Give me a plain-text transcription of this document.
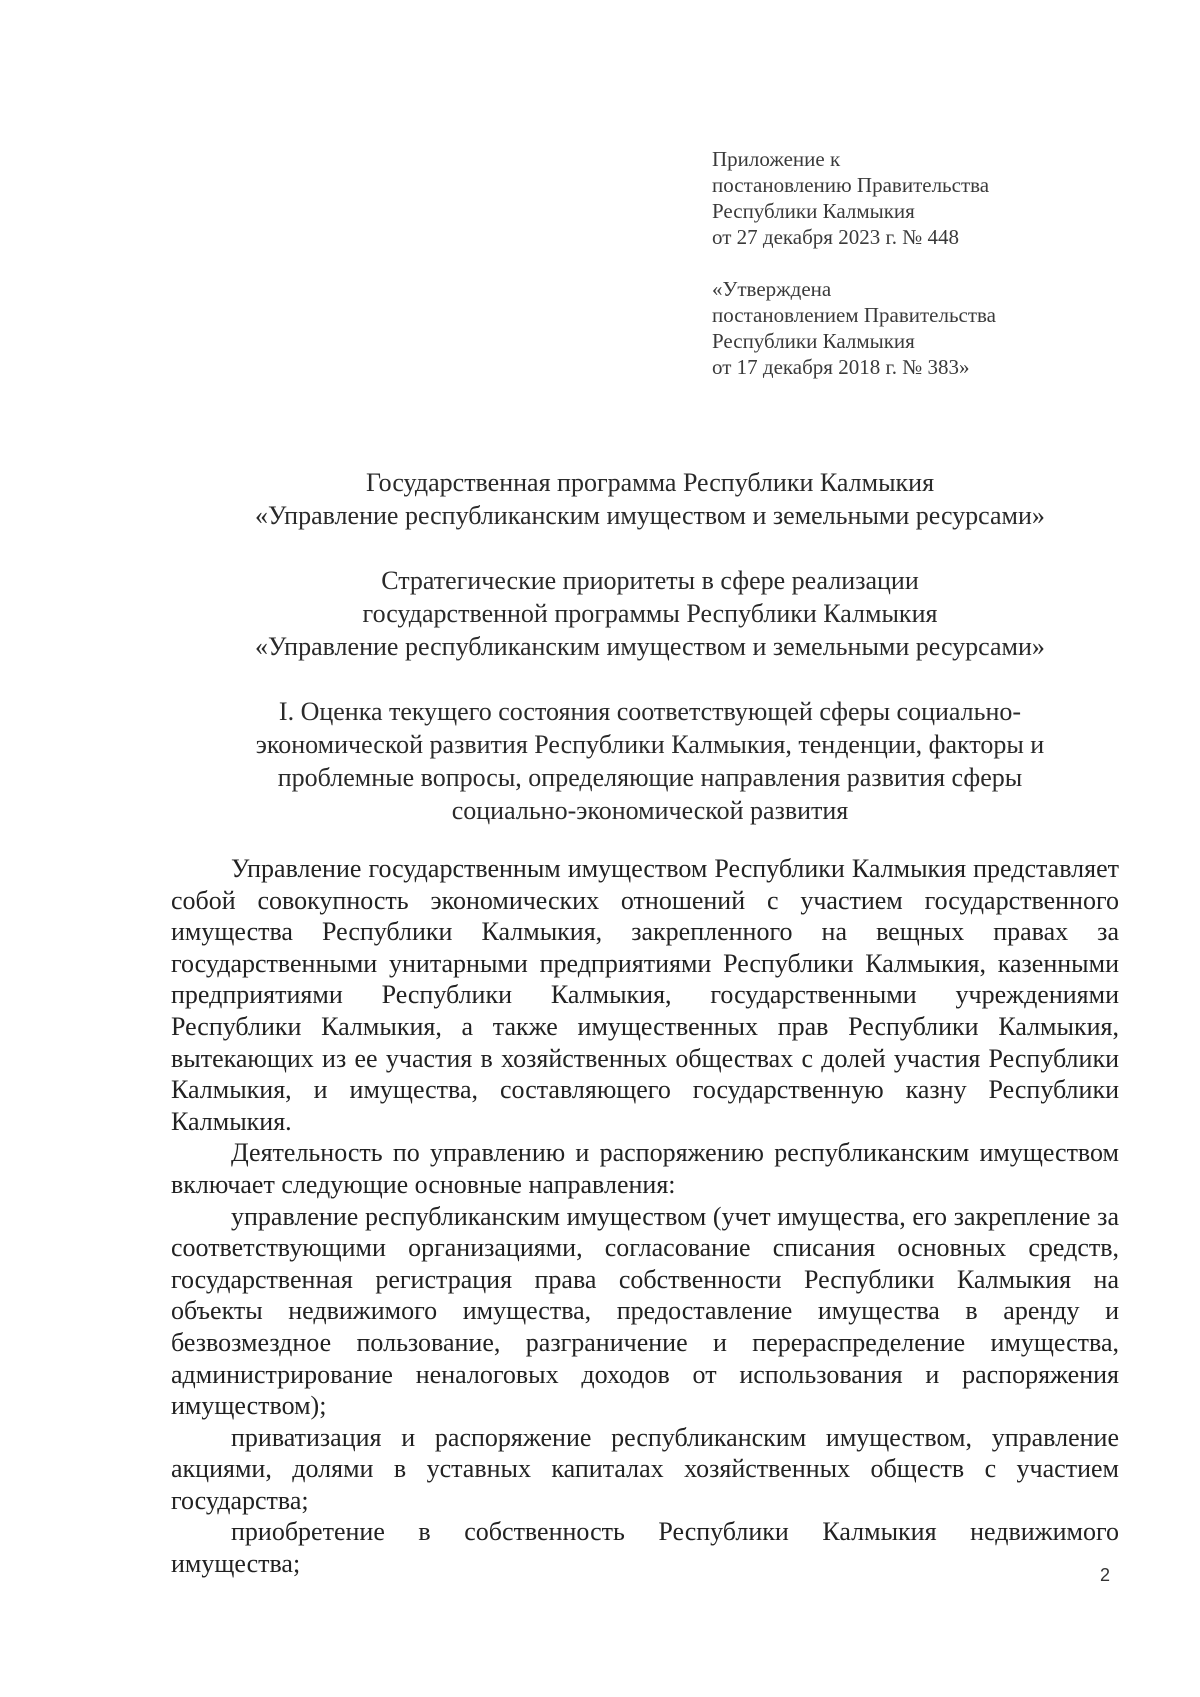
Приложение к

постановлению Правительства

Республики Калмыкия

от 27 декабря 2023 г. № 448

«Утверждена

постановлением Правительства

Республики Калмыкия

от 17 декабря 2018 г. № 383»

Государственная программа Республики Калмыкия

«Управление республиканским имуществом и земельными ресурсами»

Стратегические приоритеты в сфере реализации

государственной программы Республики Калмыкия

«Управление республиканским имуществом и земельными ресурсами»

I. Оценка текущего состояния соответствующей сферы социально-

экономической развития Республики Калмыкия, тенденции, факторы и

проблемные вопросы, определяющие направления развития сферы

социально-экономической развития

Управление государственным имуществом Республики Калмыкия представляет собой совокупность экономических отношений с участием государственного имущества Республики Калмыкия, закрепленного на вещных правах за государственными унитарными предприятиями Республики Калмыкия, казенными предприятиями Республики Калмыкия, государственными учреждениями Республики Калмыкия, а также имущественных прав Республики Калмыкия, вытекающих из ее участия в хозяйственных обществах с долей участия Республики Калмыкия, и имущества, составляющего государственную казну Республики Калмыкия.

Деятельность по управлению и распоряжению республиканским имуществом включает следующие основные направления:

управление республиканским имуществом (учет имущества, его закрепление за соответствующими организациями, согласование списания основных средств, государственная регистрация права собственности Республики Калмыкия на объекты недвижимого имущества, предоставление имущества в аренду и безвозмездное пользование, разграничение и перераспределение имущества, администрирование неналоговых доходов от использования и распоряжения имуществом);

приватизация и распоряжение республиканским имуществом, управление акциями, долями в уставных капиталах хозяйственных обществ с участием государства;

приобретение в собственность Республики Калмыкия недвижимого имущества;	2
